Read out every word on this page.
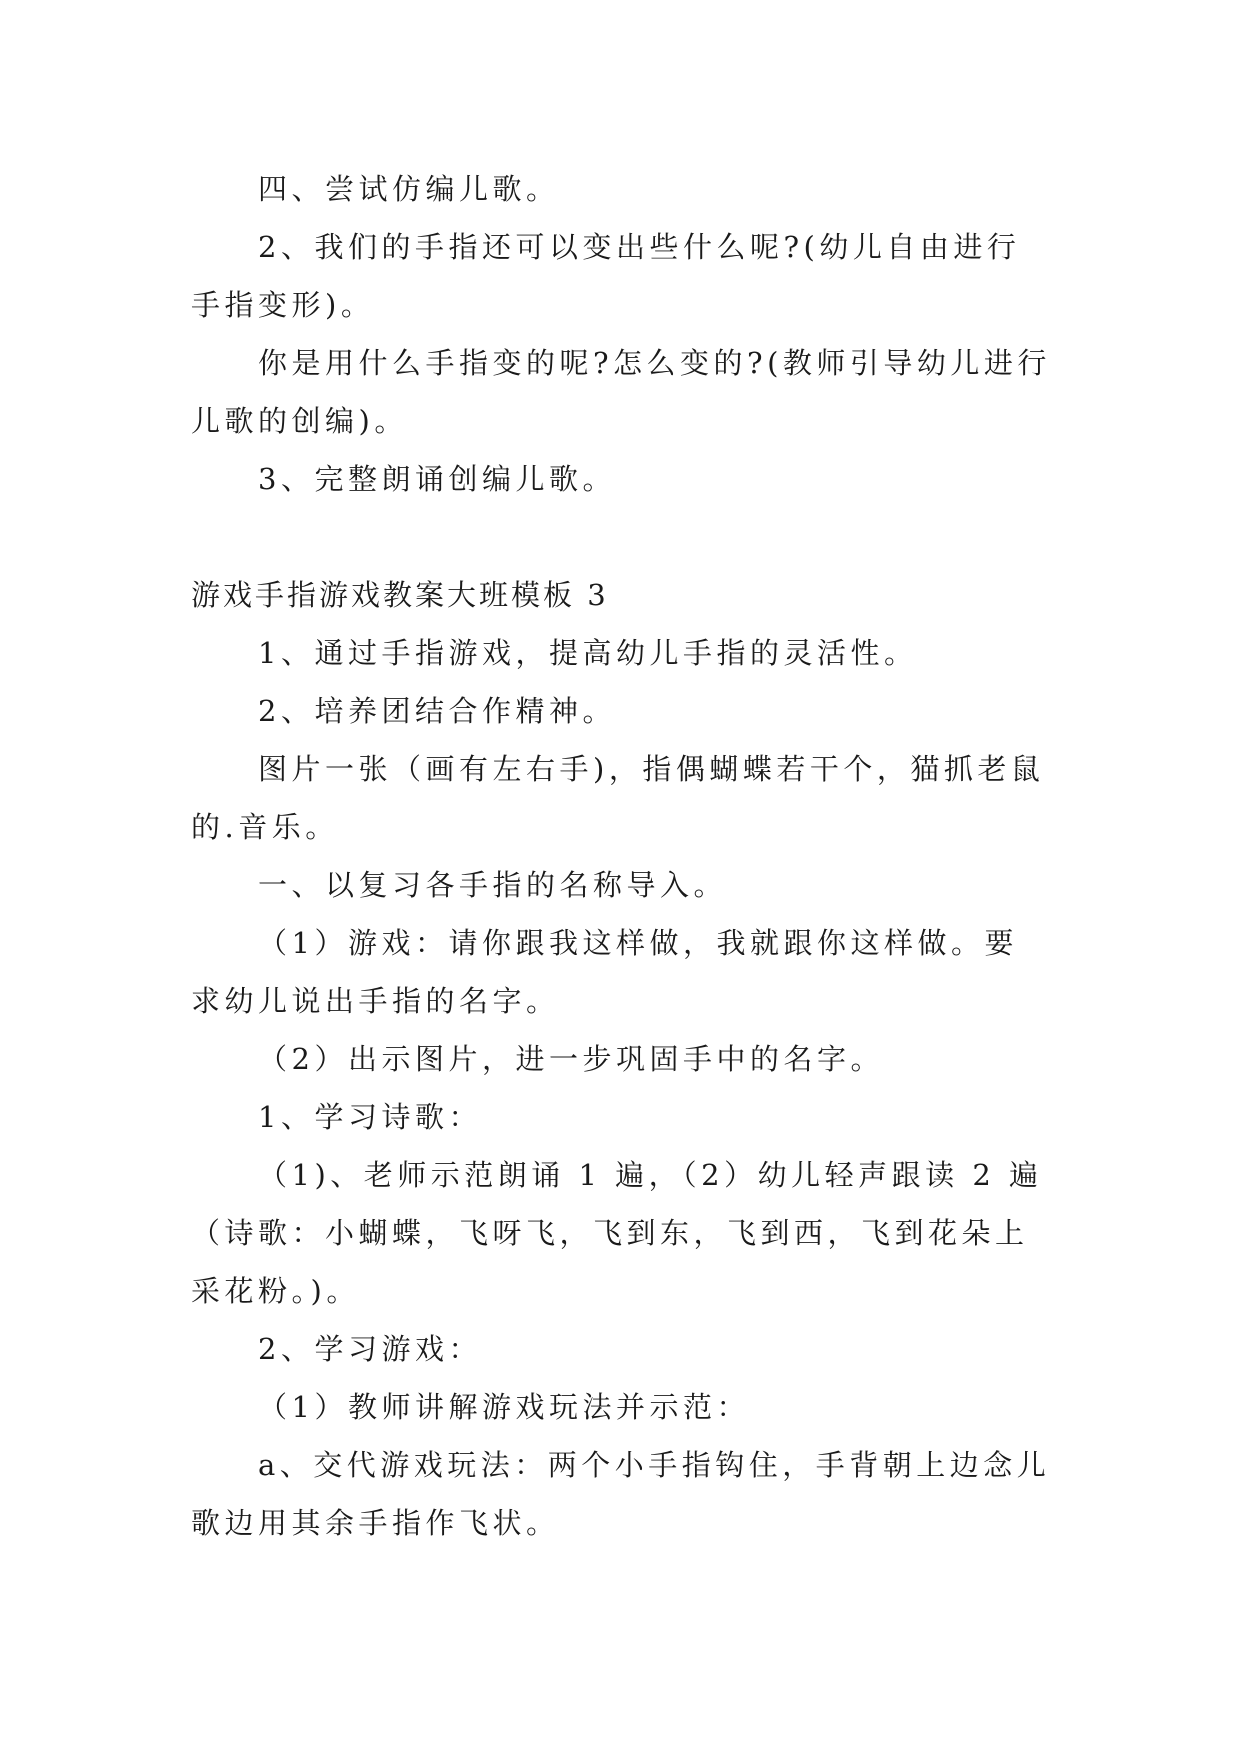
四、尝试仿编儿歌。

2、我们的手指还可以变出些什么呢?(幼儿自由进行手指变形)。

你是用什么手指变的呢?怎么变的?(教师引导幼儿进行儿歌的创编)。

3、完整朗诵创编儿歌。

游戏手指游戏教案大班模板 3

1、通过手指游戏，提高幼儿手指的灵活性。

2、培养团结合作精神。

图片一张（画有左右手)，指偶蝴蝶若干个，猫抓老鼠的.音乐。

一、以复习各手指的名称导入。

（1）游戏：请你跟我这样做，我就跟你这样做。要求幼儿说出手指的名字。

（2）出示图片，进一步巩固手中的名字。

1、学习诗歌：

（1)、老师示范朗诵 1 遍，（2）幼儿轻声跟读 2 遍（诗歌：小蝴蝶，飞呀飞，飞到东，飞到西，飞到花朵上采花粉。)。

2、学习游戏：

（1）教师讲解游戏玩法并示范：

a、交代游戏玩法：两个小手指钩住，手背朝上边念儿歌边用其余手指作飞状。
